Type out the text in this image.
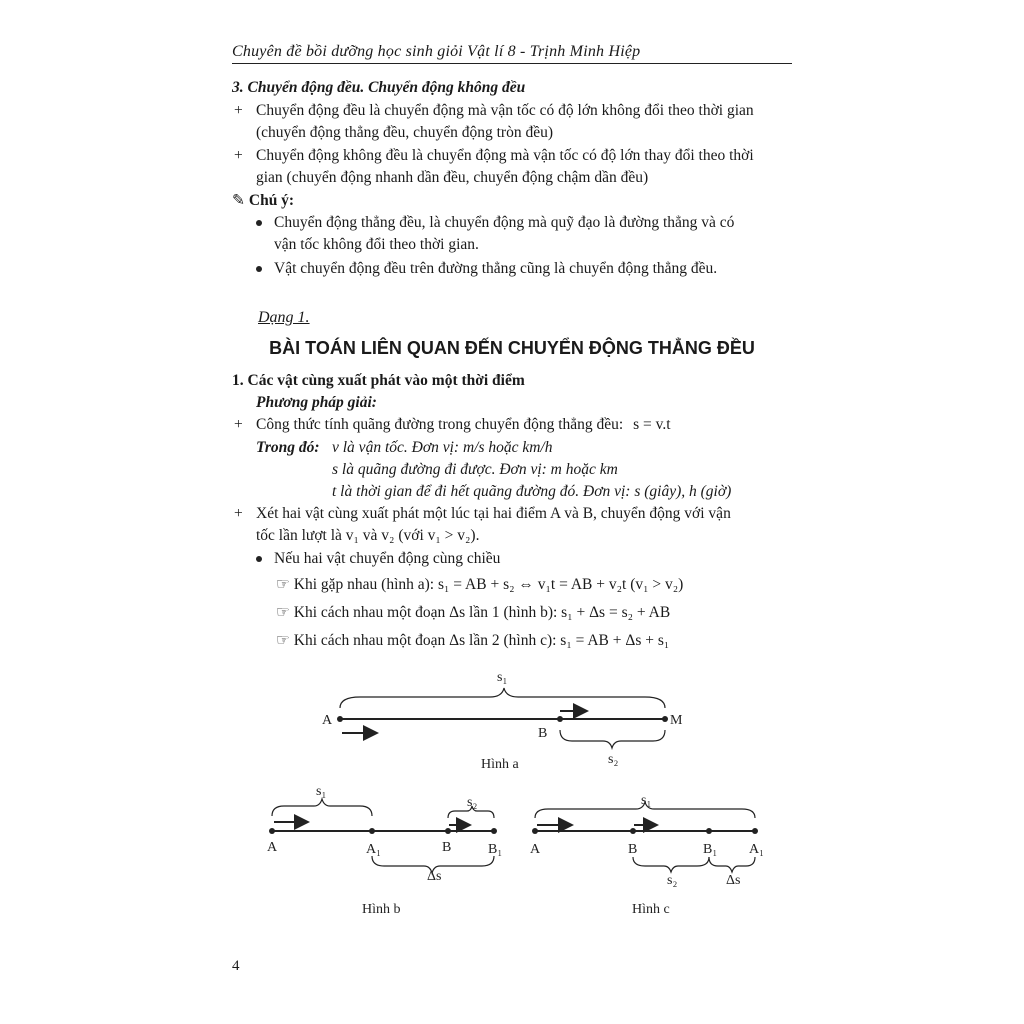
Chuyên đề bồi dưỡng học sinh giỏi Vật lí 8 - Trịnh Minh Hiệp
3. Chuyển động đều. Chuyển động không đều
+ Chuyển động đều là chuyển động mà vận tốc có độ lớn không đổi theo thời gian
(chuyển động thẳng đều, chuyển động tròn đều)
+ Chuyển động không đều là chuyển động mà vận tốc có độ lớn thay đổi theo thời
gian (chuyển động nhanh dần đều, chuyển động chậm dần đều)
✎ Chú ý:
Chuyển động thẳng đều, là chuyển động mà quỹ đạo là đường thẳng và có
vận tốc không đổi theo thời gian.
Vật chuyển động đều trên đường thẳng cũng là chuyển động thẳng đều.
Dạng 1.
BÀI TOÁN LIÊN QUAN ĐẾN CHUYỂN ĐỘNG THẲNG ĐỀU
1. Các vật cùng xuất phát vào một thời điểm
Phương pháp giải:
+ Công thức tính quãng đường trong chuyển động thẳng đều: s = v.t
Trong đó: v là vận tốc. Đơn vị: m/s hoặc km/h
s là quãng đường đi được. Đơn vị: m hoặc km
t là thời gian để đi hết quãng đường đó. Đơn vị: s (giây), h (giờ)
+ Xét hai vật cùng xuất phát một lúc tại hai điểm A và B, chuyển động với vận
tốc lần lượt là v₁ và v₂ (với v₁ > v₂).
Nếu hai vật chuyển động cùng chiều
☞ Khi gặp nhau (hình a): s₁ = AB + s₂ ⇔ v₁t = AB + v₂t (v₁ > v₂)
☞ Khi cách nhau một đoạn Δs lần 1 (hình b): s₁ + Δs = s₂ + AB
☞ Khi cách nhau một đoạn Δs lần 2 (hình c): s₁ = AB + Δs + s₁
s₁
A
B
M
s₂
Hình a
s₁
s₂
A	A₁	B	B₁
Δs
Hình b
s₁
A	B	B₁ A₁
s₂	Δs
Hình c
4
